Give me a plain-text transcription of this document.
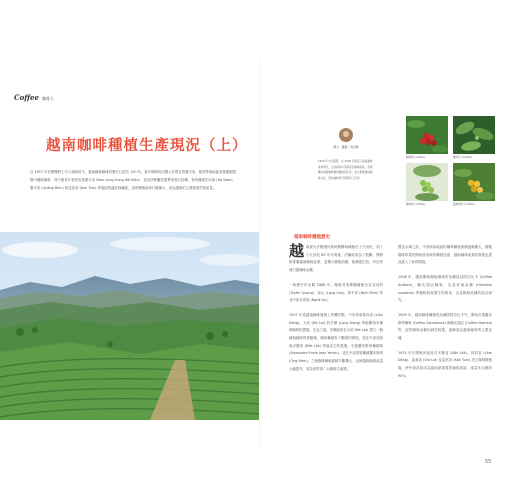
Coffee 咖啡人
越南咖啡種植生產現況（上）
自 1857 年法國傳教士引入咖啡苗木，越南種植咖啡的歷史已經有 150 年。最早咖啡的法國人在現在的廣平省、慶和等地地區香蕉樹園農場中種植咖啡，其中最具代表性的是廣平省 Nam vung trong đồi Kiêm，並向伊斯蘭派遣專家進行試種。有的種植在河南 (Hà Nam)、廣平省 (Quảng Bình) 和昆嵩省 (Kon Tum) 等地區的適宜栽種區，這些種植區域日漸擴大，成為越南的主要經濟作物產量。
撰文・攝影／吳君蘋
1968 年出生臺灣，自 2008 年起投入越南咖啡產業研究，走訪越南中部高原各咖啡產區，長期關注越南咖啡農的種植與生產，致力推廣越南咖啡文化，現為咖啡研究與教學工作者。
咖啡果 (Coffee)	咖啡花 (Coffee)
咖啡葉 (Coffee)	黃熟果實 (Coffee)
越南咖啡種植歷史

越南最大法國殖民地時期開始種植於十九世紀，到了十九世紀 80 年代與後，法屬政府為了鼓勵、開發和推廣越南咖啡產業，並擴大種植面積，陸續從巴西、印尼等地引進咖啡品種。

一般歷史所記載 1888 年，咖啡首度傳播種植至宣光省的 (Tuyên Quang)、諒山 (Lạng Sơn)、寧平省 (Ninh Bình) 等北中部各省與 (Nghệ An)。

1907 年是越南咖啡發展上的轉折點，中央高原林同省 (Lâm Đồng)、大叻 (Đà Lạt) 的多樂 (Lang Biang) 等地開始有種植咖啡的農場，在此之後，法屬政府在大叻 (Đà Lạt) 建立一個種植咖啡的實驗場，咖啡種植有了顯著的發展，並在中部高原與多樂省 (Đắk Lắk) 等地成立的農場，引進羅布斯塔種咖啡 (Alexandre Emile Jean Yersin)，並在中部高原種植羅布斯塔 (Ông Năm)。之後咖啡種植面積不斷擴大，也使越南咖啡產量大幅提升，成為世界第二大咖啡生產國。

豐益水庫之前，中部高原地區的咖啡種植面積逐漸擴大，種植咖啡的農民開始使用新的種植技術，越南咖啡產業的發展也從此進入了新的階段。

1908 年，越南開始種植咖啡的品種包括阿拉比卡 (Coffea Arabica)、賴比瑞亞咖啡，以及其他品種 (Hemileia vastatrix) 等咖啡病害發生的頻率，以及咖啡品種的改良研究。

1909 年，越南咖啡種植的品種除阿拉比卡外，開始引進羅布斯塔咖啡 (Coffea Canephora) 與賴比瑞亞 (Coffea liberica) 等，這些咖啡品種抗病性較強，逐漸成為越南咖啡的主要品種。

1925 年法國殖民政府在多樂省 (Đắk Lắk)、林同省 (Lâm Đồng)、嘉萊省 (Gia Lai) 及昆嵩省 (Kon Tum) 設立咖啡種植場，使中部高原成為越南最重要的咖啡產區，產量佔全國的 90%。

55
